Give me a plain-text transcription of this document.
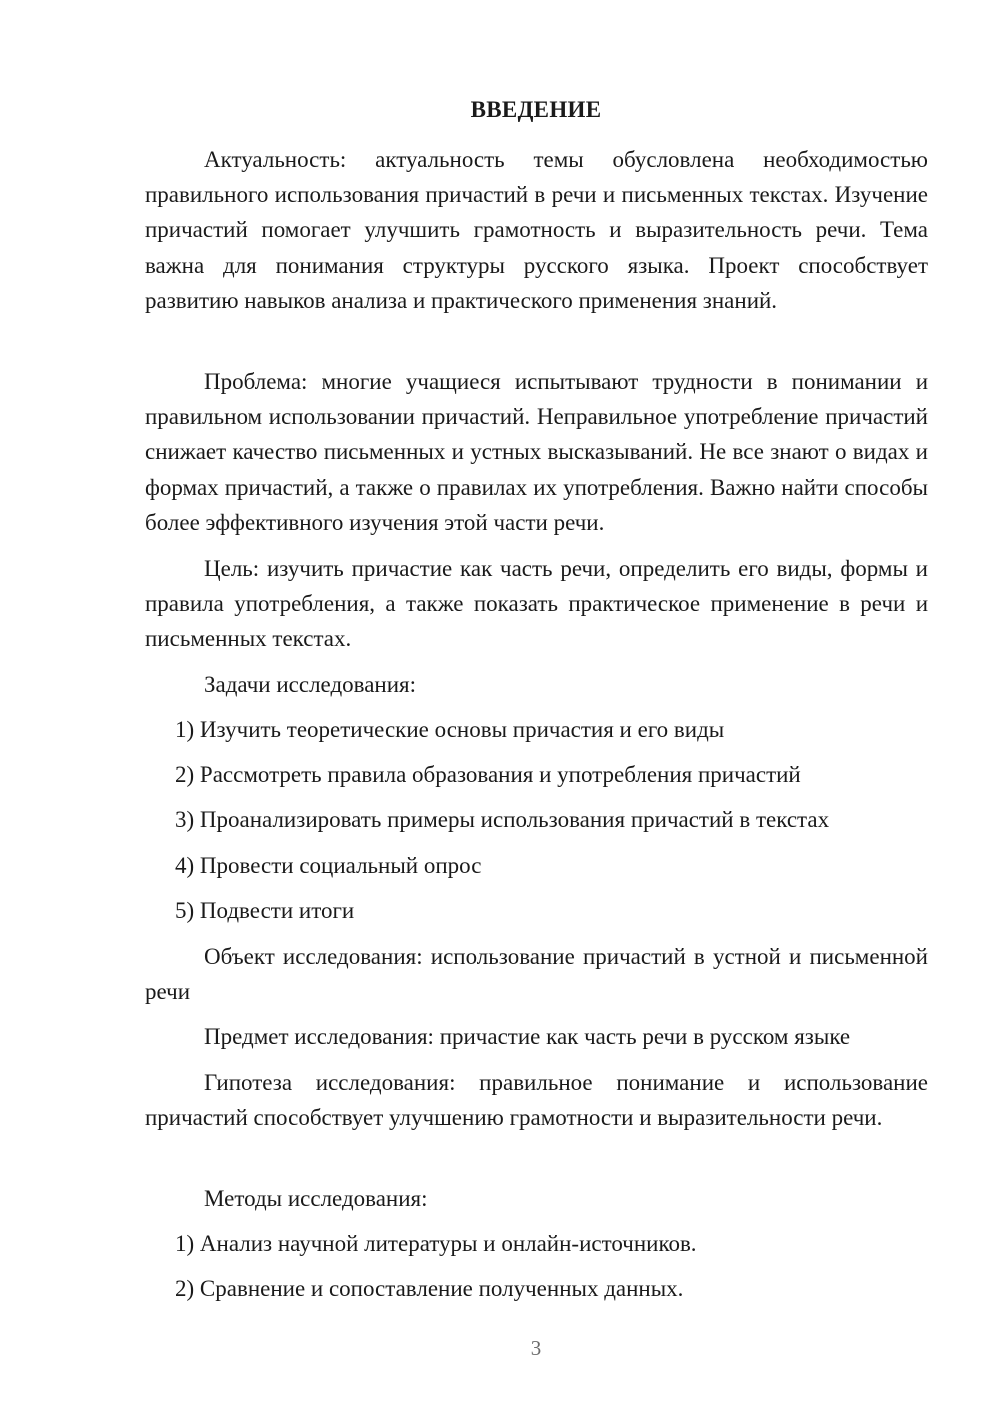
ВВЕДЕНИЕ

Актуальность: актуальность темы обусловлена необходимостью правильного использования причастий в речи и письменных текстах. Изучение причастий помогает улучшить грамотность и выразительность речи. Тема важна для понимания структуры русского языка. Проект способствует развитию навыков анализа и практического применения знаний.

Проблема: многие учащиеся испытывают трудности в понимании и правильном использовании причастий. Неправильное употребление причастий снижает качество письменных и устных высказываний. Не все знают о видах и формах причастий, а также о правилах их употребления. Важно найти способы более эффективного изучения этой части речи.

Цель: изучить причастие как часть речи, определить его виды, формы и правила употребления, а также показать практическое применение в речи и письменных текстах.

Задачи исследования:

1) Изучить теоретические основы причастия и его виды

2) Рассмотреть правила образования и употребления причастий

3) Проанализировать примеры использования причастий в текстах

4) Провести социальный опрос

5) Подвести итоги

Объект исследования: использование причастий в устной и письменной речи

Предмет исследования: причастие как часть речи в русском языке

Гипотеза исследования: правильное понимание и использование причастий способствует улучшению грамотности и выразительности речи.

Методы исследования:

1) Анализ научной литературы и онлайн-источников.

2) Сравнение и сопоставление полученных данных.

3
